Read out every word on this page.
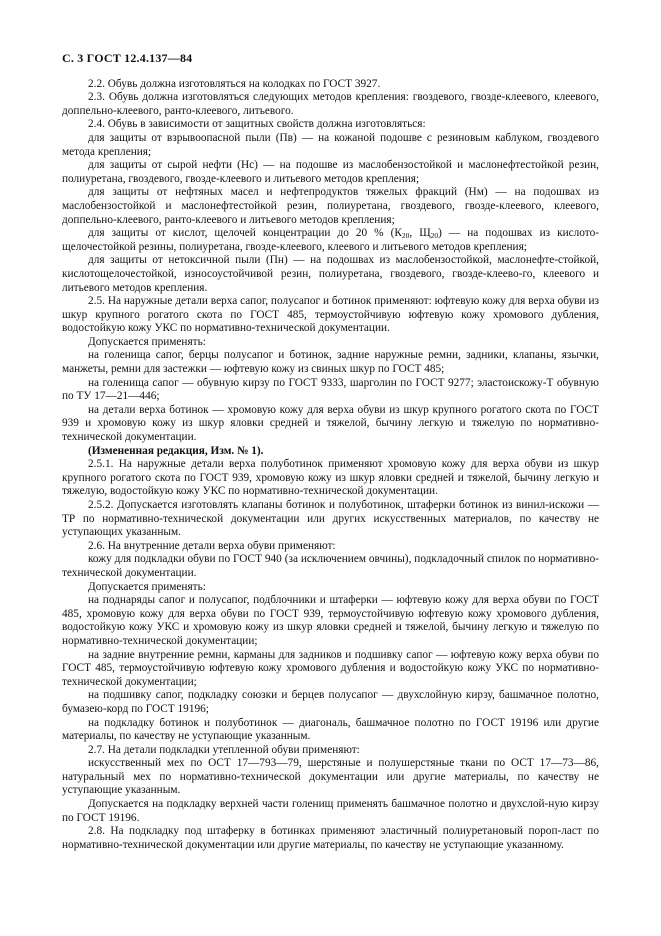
С. 3 ГОСТ 12.4.137—84

2.2. Обувь должна изготовляться на колодках по ГОСТ 3927.

2.3. Обувь должна изготовляться следующих методов крепления: гвоздевого, гвоздe-клеевого, клеевого, доппельно-клеевого, ранто-клеевого, литьевого.

2.4. Обувь в зависимости от защитных свойств должна изготовляться:

для защиты от взрывоопасной пыли (Пв) — на кожаной подошве с резиновым каблуком, гвоздевого метода крепления;

для защиты от сырой нефти (Нс) — на подошве из маслобензостойкой и маслонефтестойкой резин, полиуретана, гвоздевого, гвоздe-клеевого и литьевого методов крепления;

для защиты от нефтяных масел и нефтепродуктов тяжелых фракций (Нм) — на подошвах из маслобензостойкой и маслонефтестойкой резин, полиуретана, гвоздевого, гвоздe-клеевого, клеевого, доппельно-клеевого, ранто-клеевого и литьевого методов крепления;

для защиты от кислот, щелочей концентрации до 20 % ($К_{20}$, $Щ_{20}$) — на подошвах из кислото-щелочестойкой резины, полиуретана, гвоздe-клеевого, клеевого и литьевого методов крепления;

для защиты от нетоксичной пыли (Пн) — на подошвах из маслобензостойкой, маслонефте-стойкой, кислотощелочестойкой, износоустойчивой резин, полиуретана, гвоздевого, гвоздe-клеево-го, клеевого и литьевого методов крепления.

2.5. На наружные детали верха сапог, полусапог и ботинок применяют: юфтевую кожу для верха обуви из шкур крупного рогатого скота по ГОСТ 485, термоустойчивую юфтевую кожу хромового дубления, водостойкую кожу УКС по нормативно-технической документации.

Допускается применять:

на голенища сапог, берцы полусапог и ботинок, задние наружные ремни, задники, клапаны, язычки, манжеты, ремни для застежки — юфтевую кожу из свиных шкур по ГОСТ 485;

на голенища сапог — обувную кирзу по ГОСТ 9333, шарголин по ГОСТ 9277; эластоискожу-Т обувную по ТУ 17—21—446;

на детали верха ботинок — хромовую кожу для верха обуви из шкур крупного рогатого скота по ГОСТ 939 и хромовую кожу из шкур яловки средней и тяжелой, бычину легкую и тяжелую по нормативно-технической документации.

(Измененная редакция, Изм. № 1).

2.5.1. На наружные детали верха полуботинок применяют хромовую кожу для верха обуви из шкур крупного рогатого скота по ГОСТ 939, хромовую кожу из шкур яловки средней и тяжелой, бычину легкую и тяжелую, водостойкую кожу УКС по нормативно-технической документации.

2.5.2. Допускается изготовлять клапаны ботинок и полуботинок, штаферки ботинок из винил-искожи — ТР по нормативно-технической документации или других искусственных материалов, по качеству не уступающих указанным.

2.6. На внутренние детали верха обуви применяют:

кожу для подкладки обуви по ГОСТ 940 (за исключением овчины), подкладочный спилок по нормативно-технической документации.

Допускается применять:

на поднаряды сапог и полусапог, подблочники и штаферки — юфтевую кожу для верха обуви по ГОСТ 485, хромовую кожу для верха обуви по ГОСТ 939, термоустойчивую юфтевую кожу хромового дубления, водостойкую кожу УКС и хромовую кожу из шкур яловки средней и тяжелой, бычину легкую и тяжелую по нормативно-технической документации;

на задние внутренние ремни, карманы для задников и подшивку сапог — юфтевую кожу верха обуви по ГОСТ 485, термоустойчивую юфтевую кожу хромового дубления и водостойкую кожу УКС по нормативно-технической документации;

на подшивку сапог, подкладку союзки и берцев полусапог — двухслойную кирзу, башмачное полотно, бумазею-корд по ГОСТ 19196;

на подкладку ботинок и полуботинок — диагональ, башмачное полотно по ГОСТ 19196 или другие материалы, по качеству не уступающие указанным.

2.7. На детали подкладки утепленной обуви применяют:

искусственный мех по ОСТ 17—793—79, шерстяные и полушерстяные ткани по ОСТ 17—73—86, натуральный мех по нормативно-технической документации или другие материалы, по качеству не уступающие указанным.

Допускается на подкладку верхней части голенищ применять башмачное полотно и двухслой-ную кирзу по ГОСТ 19196.

2.8. На подкладку под штаферку в ботинках применяют эластичный полиуретановый пороп-ласт по нормативно-технической документации или другие материалы, по качеству не уступающие указанному.
